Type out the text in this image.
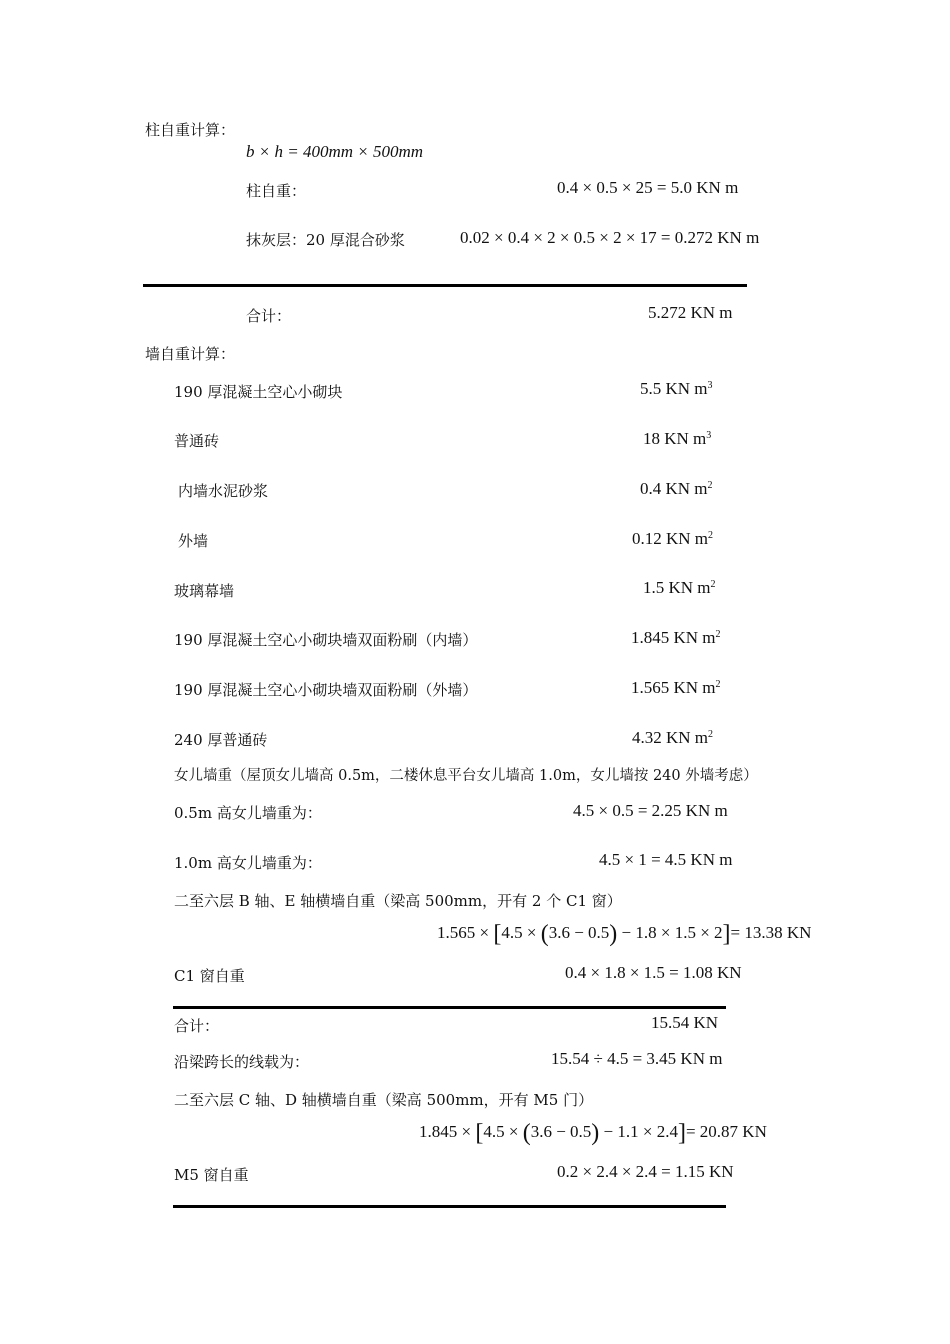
柱自重计算：
b × h = 400mm × 500mm
柱自重：	0.4 × 0.5 × 25 = 5.0 KN m
抹灰层：20 厚混合砂浆	0.02 × 0.4 × 2 × 0.5 × 2 × 17 = 0.272 KN m
合计：	5.272 KN m
墙自重计算：
190 厚混凝土空心小砌块	5.5 KN $m^3$
普通砖	18 KN $m^3$
内墙水泥砂浆	0.4 KN $m^2$
外墙	0.12 KN $m^2$
玻璃幕墙	1.5 KN $m^2$
190 厚混凝土空心小砌块墙双面粉刷（内墙）	1.845 KN $m^2$
190 厚混凝土空心小砌块墙双面粉刷（外墙）	1.565 KN $m^2$
240 厚普通砖	4.32 KN $m^2$
女儿墙重（屋顶女儿墙高 0.5m，二楼休息平台女儿墙高 1.0m，女儿墙按 240 外墙考虑）
0.5m 高女儿墙重为：	4.5 × 0.5 = 2.25 KN m
1.0m 高女儿墙重为：	4.5 × 1 = 4.5 KN m
二至六层 B 轴、E 轴横墙自重（梁高 500mm，开有 2 个 C1 窗）
1.565 × [4.5 × (3.6 − 0.5) − 1.8 × 1.5 × 2]= 13.38 KN
C1 窗自重	0.4 × 1.8 × 1.5 = 1.08 KN
合计：	15.54 KN
沿梁跨长的线载为：	15.54 ÷ 4.5 = 3.45 KN m
二至六层 C 轴、D 轴横墙自重（梁高 500mm，开有 M5 门）
1.845 × [4.5 × (3.6 − 0.5) − 1.1 × 2.4]= 20.87 KN
M5 窗自重	0.2 × 2.4 × 2.4 = 1.15 KN
